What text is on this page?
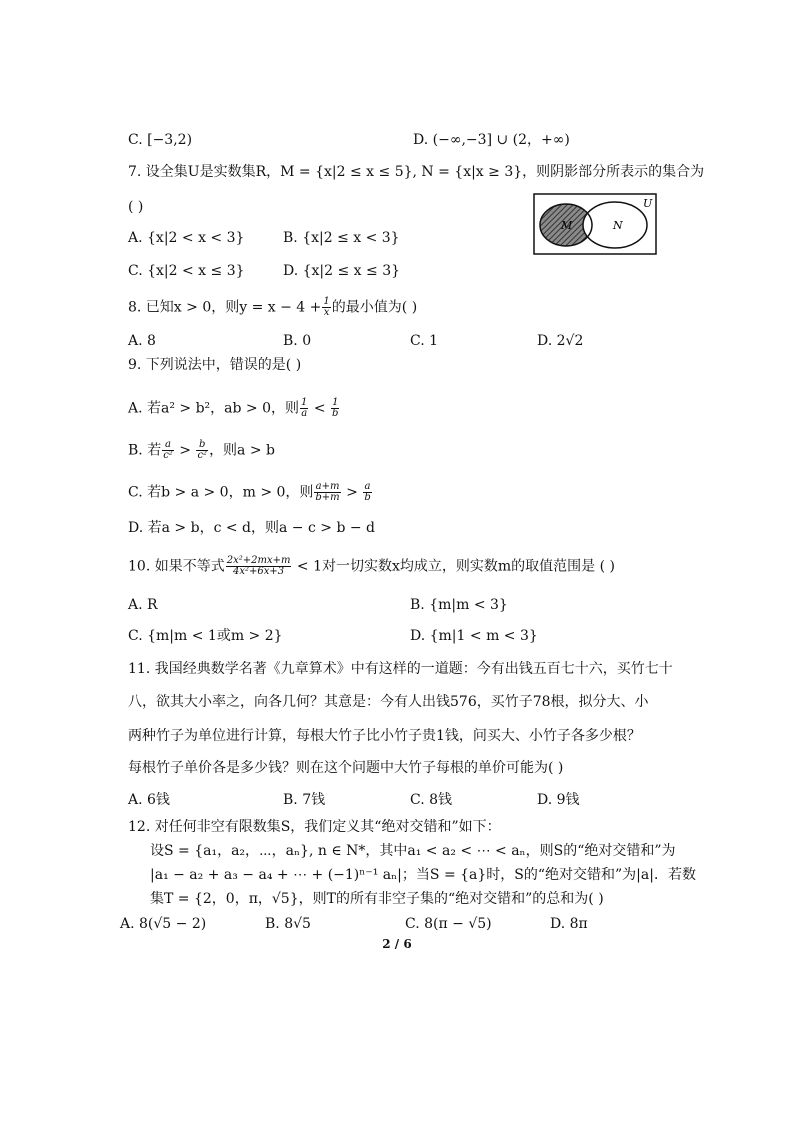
C. [−3,2)	D. (−∞,−3] ∪ (2，+∞)
7. 设全集U是实数集R，M = {x|2 ≤ x ≤ 5}, N = {x|x ≥ 3}，则阴影部分所表示的集合为
( )
A. {x|2 < x < 3}	B. {x|2 ≤ x < 3}
C. {x|2 < x ≤ 3}	D. {x|2 ≤ x ≤ 3}
U
M	N
8. 已知x > 0，则$y = x - 4 + \frac{1}{x}$ 的最小值为( )
A. 8	B. 0	C. 1	D. 2√2
9. 下列说法中，错误的是( )
A. 若a² > b²，ab > 0，则 $\frac{1}{a} < \frac{1}{b}$
B. 若 $\frac{a}{\text{c²}} > \frac{b}{\text{c²}}$ ，则a > b
C. 若b > a > 0，m > 0，则 $\frac{a+m}{b+m} > \frac{a}{b}$
D. 若a > b，c < d，则a − c > b − d
10. 如果不等式 $\frac{\text{2x²+2mx+m}}{\text{4x²+6x+3}} < 1$对一切实数x均成立，则实数m的取值范围是 ( )
A. R	B. {m|m < 3}
C. {m|m < 1或m > 2}	D. {m|1 < m < 3}
11. 我国经典数学名著《九章算术》中有这样的一道题：今有出钱五百七十六，买竹七十
八，欲其大小率之，向各几何？其意是：今有人出钱576，买竹子78根，拟分大、小
两种竹子为单位进行计算，每根大竹子比小竹子贵1钱，问买大、小竹子各多少根？
每根竹子单价各是多少钱？则在这个问题中大竹子每根的单价可能为( )
A. 6钱	B. 7钱	C. 8钱	D. 9钱
12. 对任何非空有限数集S，我们定义其“绝对交错和”如下：
设S = {a₁，a₂，⋯，aₙ}, n ∈ N*，其中a₁ < a₂ < ⋯ < aₙ，则S的“绝对交错和”为
|a₁ − a₂ + a₃ − a₄ + ⋯ + (−1)ⁿ⁻¹ aₙ|；当S = {a}时，S的“绝对交错和”为|a|．若数
集T = {2，0，π，√5}，则T的所有非空子集的“绝对交错和”的总和为( )
A. 8(√5 − 2)	B. 8√5	C. 8(π − √5)	D. 8π
2 / 6
